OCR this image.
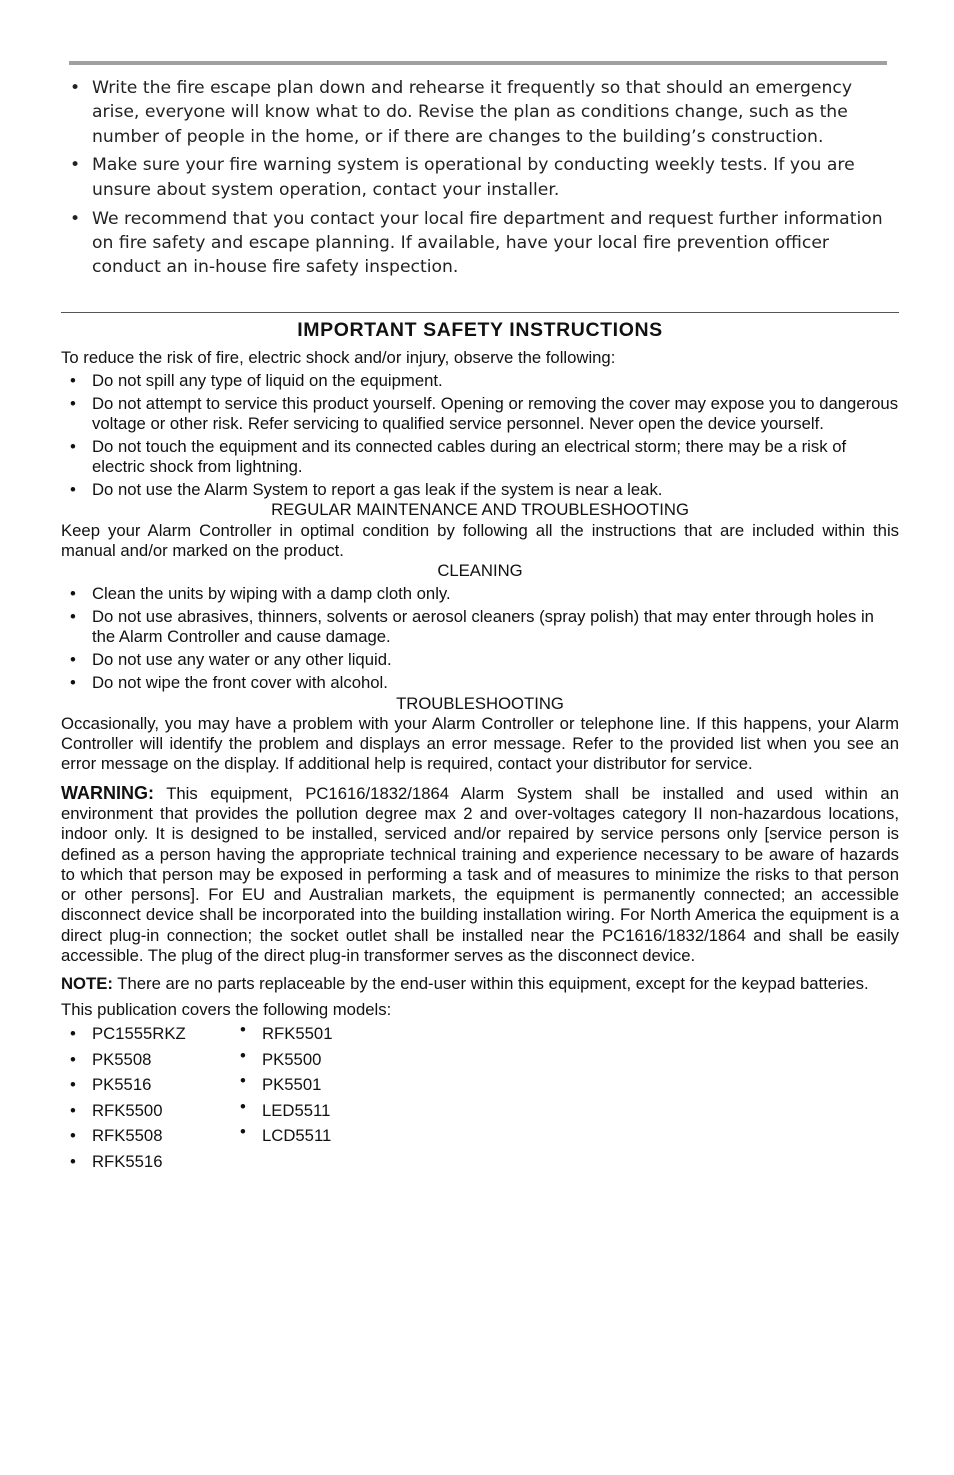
• Write the fire escape plan down and rehearse it frequently so that should an emergency arise, everyone will know what to do. Revise the plan as conditions change, such as the number of people in the home, or if there are changes to the building’s construction.
• Make sure your fire warning system is operational by conducting weekly tests. If you are unsure about system operation, contact your installer.
• We recommend that you contact your local fire department and request further information on fire safety and escape planning. If available, have your local fire prevention officer conduct an in-house fire safety inspection.
IMPORTANT SAFETY INSTRUCTIONS

To reduce the risk of fire, electric shock and/or injury, observe the following:

• Do not spill any type of liquid on the equipment.
• Do not attempt to service this product yourself. Opening or removing the cover may expose you to dangerous voltage or other risk. Refer servicing to qualified service personnel. Never open the device yourself.
• Do not touch the equipment and its connected cables during an electrical storm; there may be a risk of electric shock from lightning.
• Do not use the Alarm System to report a gas leak if the system is near a leak.

REGULAR MAINTENANCE AND TROUBLESHOOTING

Keep your Alarm Controller in optimal condition by following all the instructions that are included within this manual and/or marked on the product.

CLEANING

• Clean the units by wiping with a damp cloth only.
• Do not use abrasives, thinners, solvents or aerosol cleaners (spray polish) that may enter through holes in the Alarm Controller and cause damage.
• Do not use any water or any other liquid.
• Do not wipe the front cover with alcohol.

TROUBLESHOOTING

Occasionally, you may have a problem with your Alarm Controller or telephone line. If this happens, your Alarm Controller will identify the problem and displays an error message. Refer to the provided list when you see an error message on the display. If additional help is required, contact your distributor for service.

WARNING: This equipment, PC1616/1832/1864 Alarm System shall be installed and used within an environment that provides the pollution degree max 2 and over-voltages category II non-hazardous locations, indoor only. It is designed to be installed, serviced and/or repaired by service persons only [service person is defined as a person having the appropriate technical training and experience necessary to be aware of hazards to which that person may be exposed in performing a task and of measures to minimize the risks to that person or other persons]. For EU and Australian markets, the equipment is permanently connected; an accessible disconnect device shall be incorporated into the building installation wiring. For North America the equipment is a direct plug-in connection; the socket outlet shall be installed near the PC1616/1832/1864 and shall be easily accessible. The plug of the direct plug-in transformer serves as the disconnect device.

NOTE: There are no parts replaceable by the end-user within this equipment, except for the keypad batteries.

This publication covers the following models:

• PC1555RKZ
• PK5508
• PK5516
• RFK5500
• RFK5508
• RFK5516
• RFK5501
• PK5500
• PK5501
• LED5511
• LCD5511
